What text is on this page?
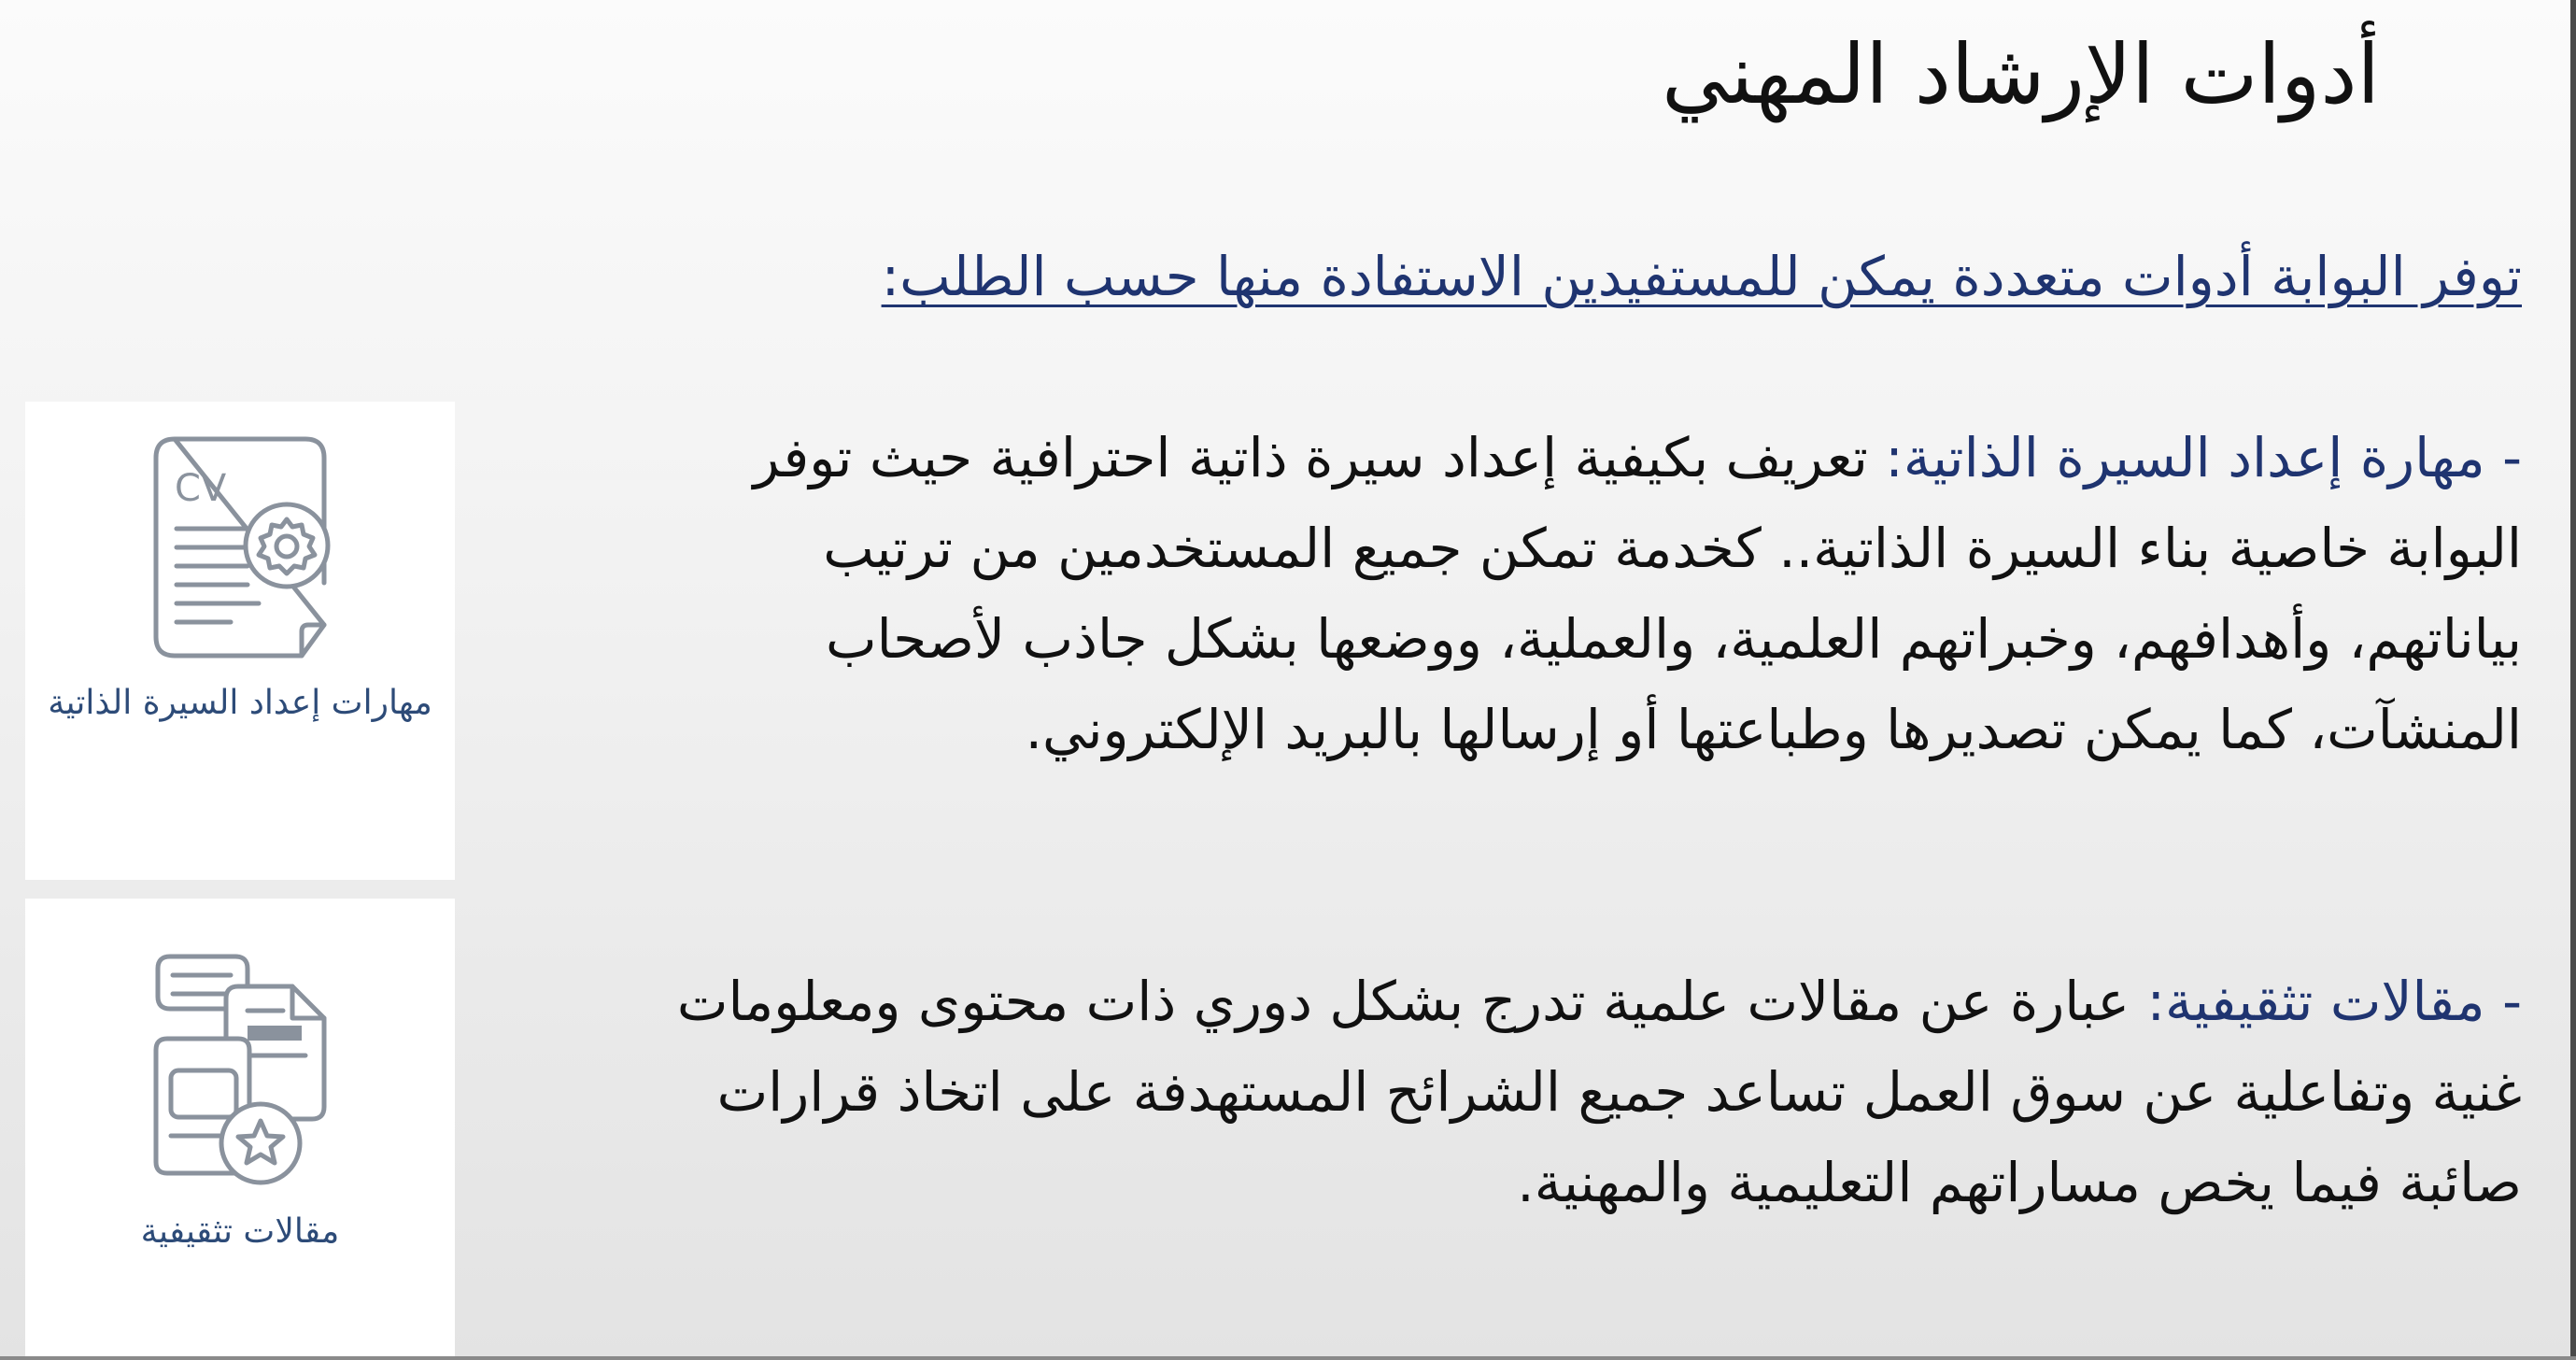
أدوات الإرشاد المهني

توفر البوابة أدوات متعددة يمكن للمستفيدين الاستفادة منها حسب الطلب:

- مهارة إعداد السيرة الذاتية: تعريف بكيفية إعداد سيرة ذاتية احترافية حيث توفر البوابة خاصية بناء السيرة الذاتية.. كخدمة تمكن جميع المستخدمين من ترتيب بياناتهم، وأهدافهم، وخبراتهم العلمية، والعملية، ووضعها بشكل جاذب لأصحاب المنشآت، كما يمكن تصديرها وطباعتها أو إرسالها بالبريد الإلكتروني.

- مقالات تثقيفية: عبارة عن مقالات علمية تدرج بشكل دوري ذات محتوى ومعلومات غنية وتفاعلية عن سوق العمل تساعد جميع الشرائح المستهدفة على اتخاذ قرارات صائبة فيما يخص مساراتهم التعليمية والمهنية.

CV
مهارات إعداد السيرة الذاتية
مقالات تثقيفية
